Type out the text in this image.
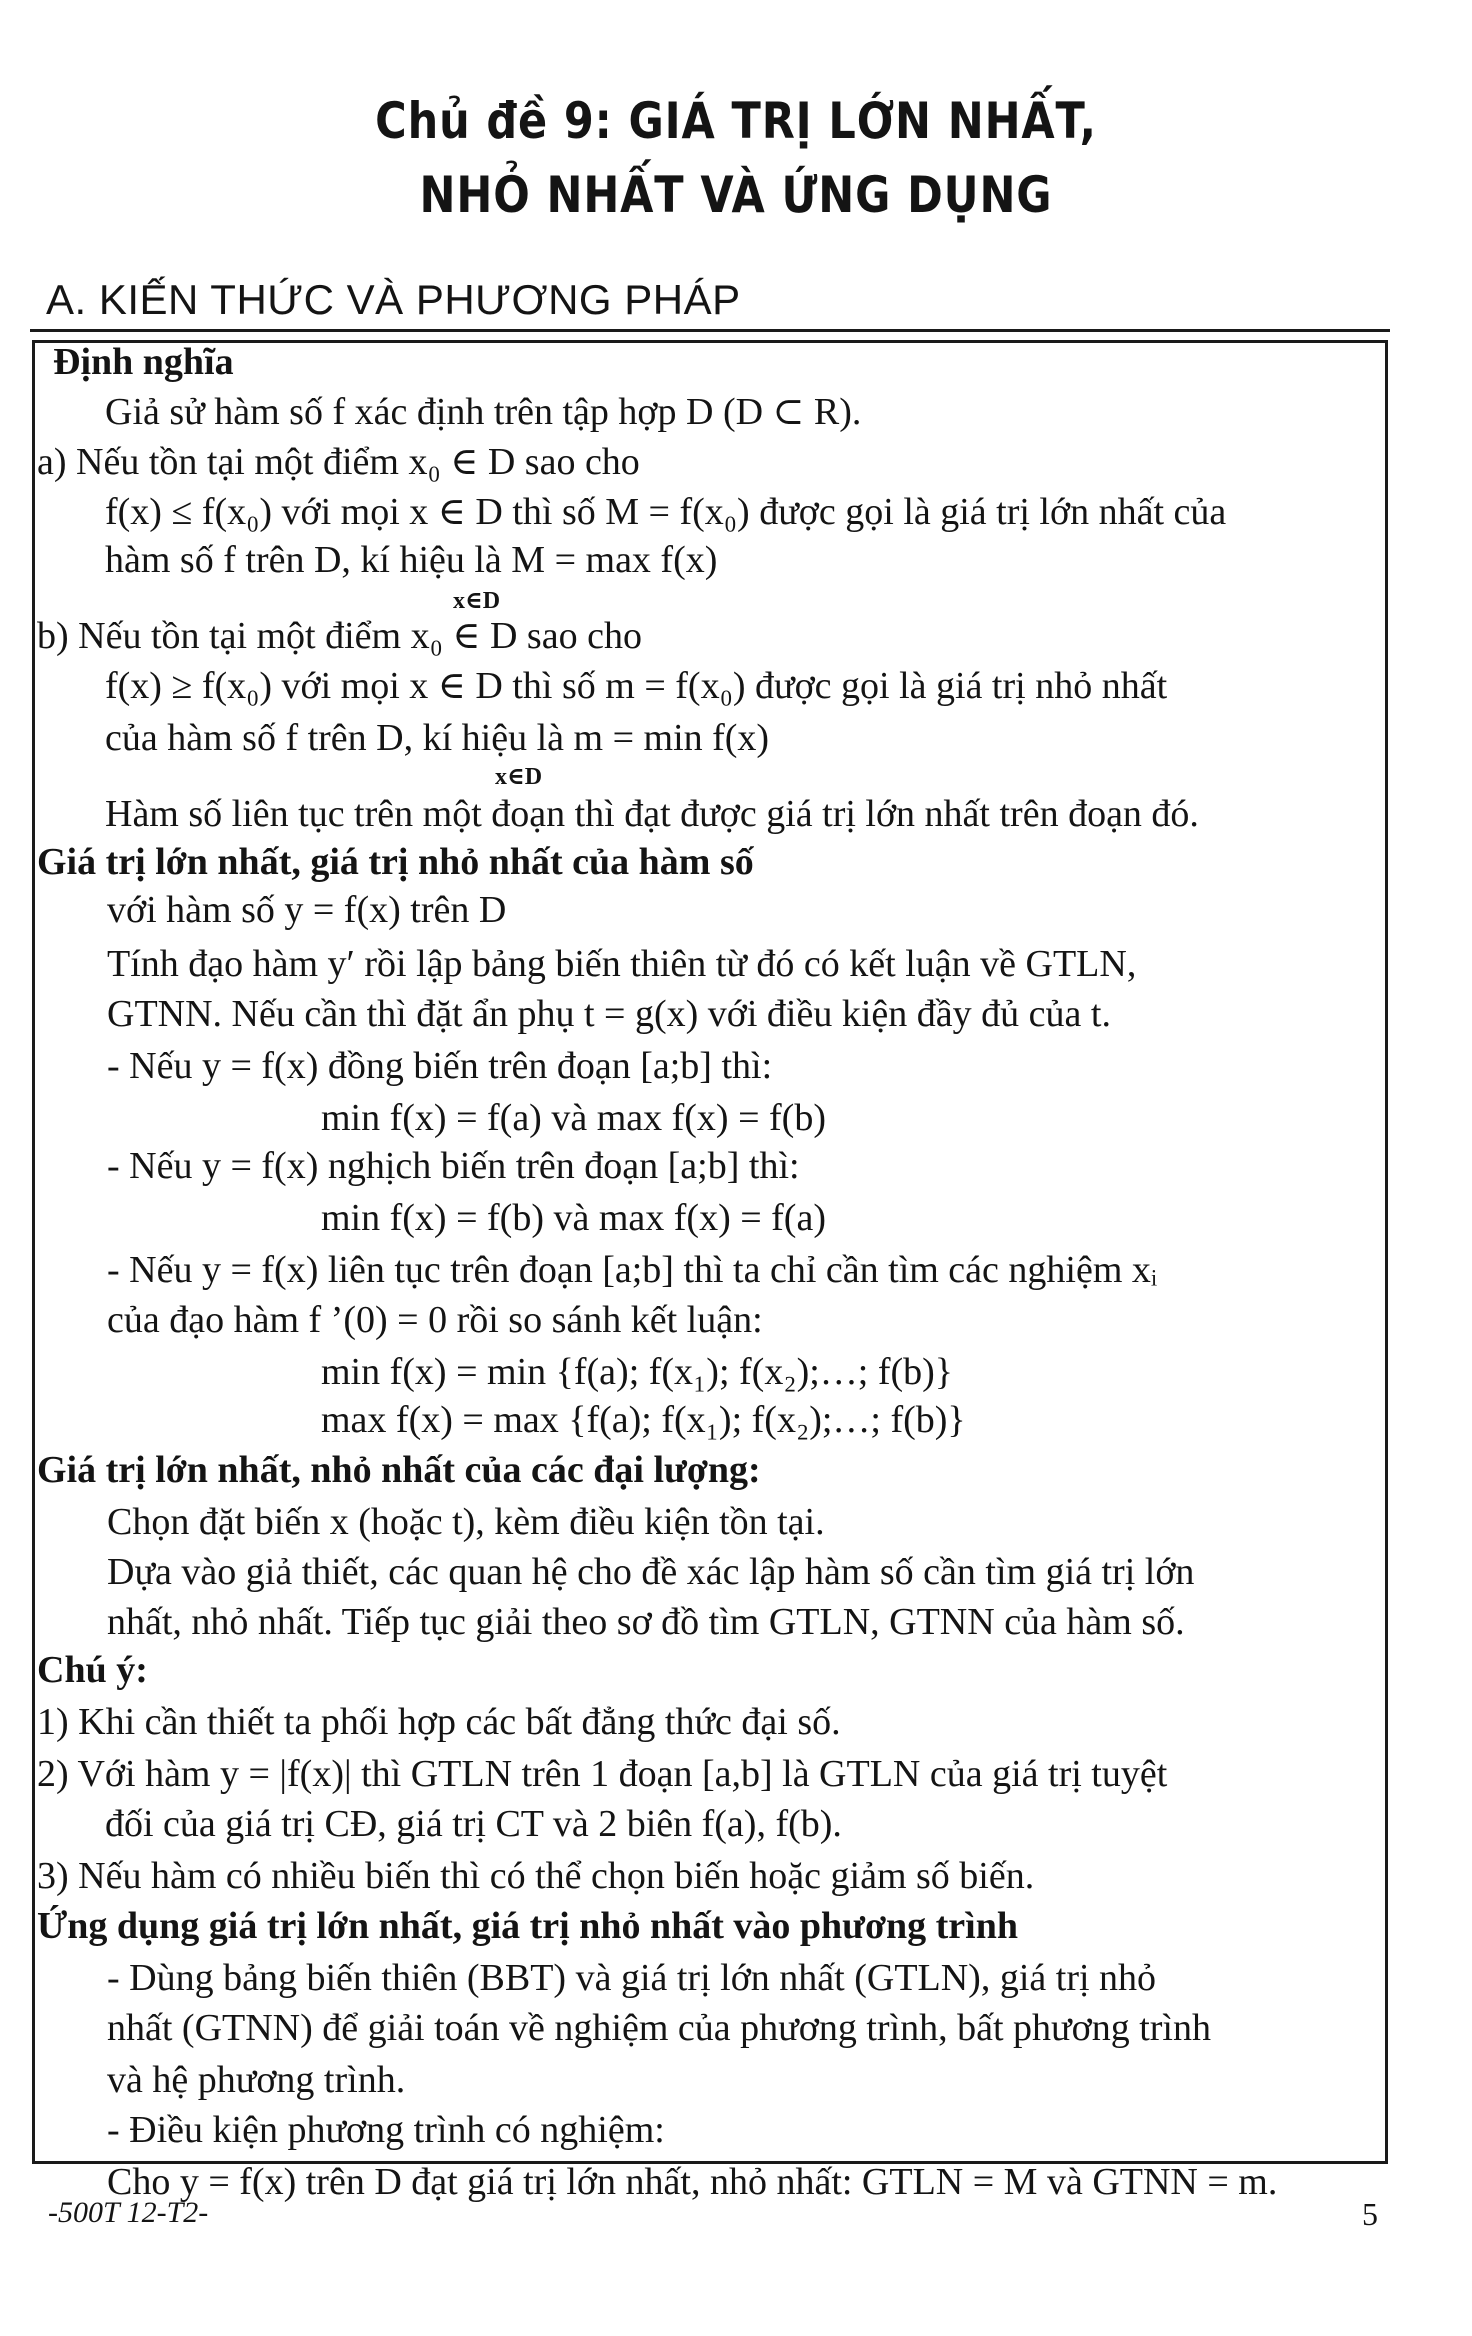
Chủ đề 9: GIÁ TRỊ LỚN NHẤT,
NHỎ NHẤT VÀ ỨNG DỤNG
A. KIẾN THỨC VÀ PHƯƠNG PHÁP
Định nghĩa
Giả sử hàm số f xác định trên tập hợp D (D ⊂ R).
a) Nếu tồn tại một điểm x₀ ∈ D sao cho
f(x) ≤ f(x₀) với mọi x ∈ D thì số M = f(x₀) được gọi là giá trị lớn nhất của
hàm số f trên D, kí hiệu là M = max f(x)
x∈D
b) Nếu tồn tại một điểm x₀ ∈ D sao cho
f(x) ≥ f(x₀) với mọi x ∈ D thì số m = f(x₀) được gọi là giá trị nhỏ nhất
của hàm số f trên D, kí hiệu là m = min f(x)
x∈D
Hàm số liên tục trên một đoạn thì đạt được giá trị lớn nhất trên đoạn đó.
Giá trị lớn nhất, giá trị nhỏ nhất của hàm số
với hàm số y = f(x) trên D
Tính đạo hàm y′ rồi lập bảng biến thiên từ đó có kết luận về GTLN,
GTNN. Nếu cần thì đặt ẩn phụ t = g(x) với điều kiện đầy đủ của t.
- Nếu y = f(x) đồng biến trên đoạn [a;b] thì:
min f(x) = f(a) và max f(x) = f(b)
- Nếu y = f(x) nghịch biến trên đoạn [a;b] thì:
min f(x) = f(b) và max f(x) = f(a)
- Nếu y = f(x) liên tục trên đoạn [a;b] thì ta chỉ cần tìm các nghiệm xᵢ
của đạo hàm f ’(0) = 0 rồi so sánh kết luận:
min f(x) = min {f(a); f(x₁); f(x₂);…; f(b)}
max f(x) = max {f(a); f(x₁); f(x₂);…; f(b)}
Giá trị lớn nhất, nhỏ nhất của các đại lượng:
Chọn đặt biến x (hoặc t), kèm điều kiện tồn tại.
Dựa vào giả thiết, các quan hệ cho đề xác lập hàm số cần tìm giá trị lớn
nhất, nhỏ nhất. Tiếp tục giải theo sơ đồ tìm GTLN, GTNN của hàm số.
Chú ý:
1) Khi cần thiết ta phối hợp các bất đẳng thức đại số.
2) Với hàm y = |f(x)| thì GTLN trên 1 đoạn [a,b] là GTLN của giá trị tuyệt
đối của giá trị CĐ, giá trị CT và 2 biên f(a), f(b).
3) Nếu hàm có nhiều biến thì có thể chọn biến hoặc giảm số biến.
Ứng dụng giá trị lớn nhất, giá trị nhỏ nhất vào phương trình
- Dùng bảng biến thiên (BBT) và giá trị lớn nhất (GTLN), giá trị nhỏ
nhất (GTNN) để giải toán về nghiệm của phương trình, bất phương trình
và hệ phương trình.
- Điều kiện phương trình có nghiệm:
Cho y = f(x) trên D đạt giá trị lớn nhất, nhỏ nhất: GTLN = M và GTNN = m.
-500T 12-T2-	5
